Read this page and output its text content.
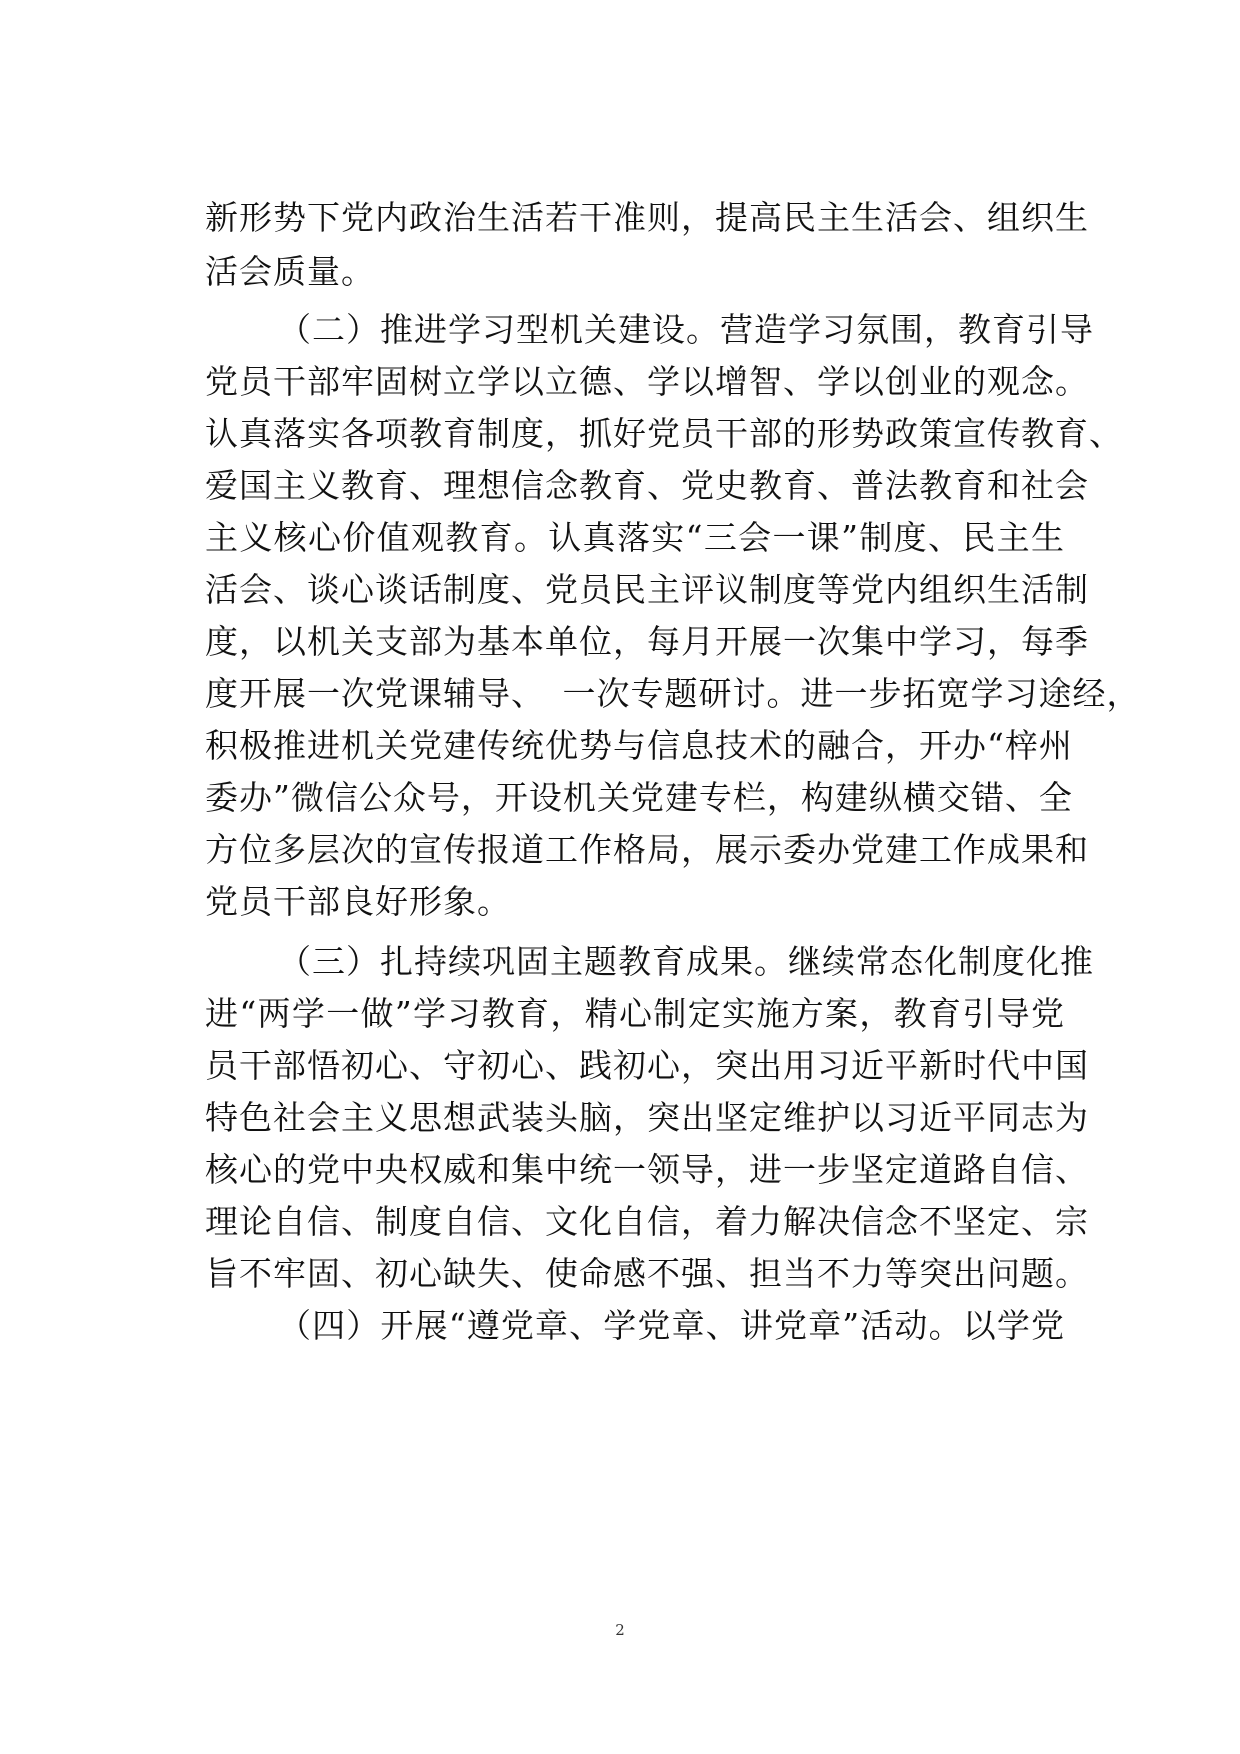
新形势下党内政治生活若干准则，提高民主生活会、组织生

活会质量。

（二）推进学习型机关建设。营造学习氛围，教育引导

党员干部牢固树立学以立德、学以增智、学以创业的观念。

认真落实各项教育制度，抓好党员干部的形势政策宣传教育、

爱国主义教育、理想信念教育、党史教育、普法教育和社会

主义核心价值观教育。认真落实“三会一课”制度、民主生

活会、谈心谈话制度、党员民主评议制度等党内组织生活制

度，以机关支部为基本单位，每月开展一次集中学习，每季

度开展一次党课辅导、　一次专题研讨。进一步拓宽学习途经，

积极推进机关党建传统优势与信息技术的融合，开办“梓州

委办”微信公众号，开设机关党建专栏，构建纵横交错、全

方位多层次的宣传报道工作格局，展示委办党建工作成果和

党员干部良好形象。

（三）扎持续巩固主题教育成果。继续常态化制度化推

进“两学一做”学习教育，精心制定实施方案，教育引导党

员干部悟初心、守初心、践初心，突出用习近平新时代中国

特色社会主义思想武装头脑，突出坚定维护以习近平同志为

核心的党中央权威和集中统一领导，进一步坚定道路自信、

理论自信、制度自信、文化自信，着力解决信念不坚定、宗

旨不牢固、初心缺失、使命感不强、担当不力等突出问题。

（四）开展“遵党章、学党章、讲党章”活动。以学党

2
